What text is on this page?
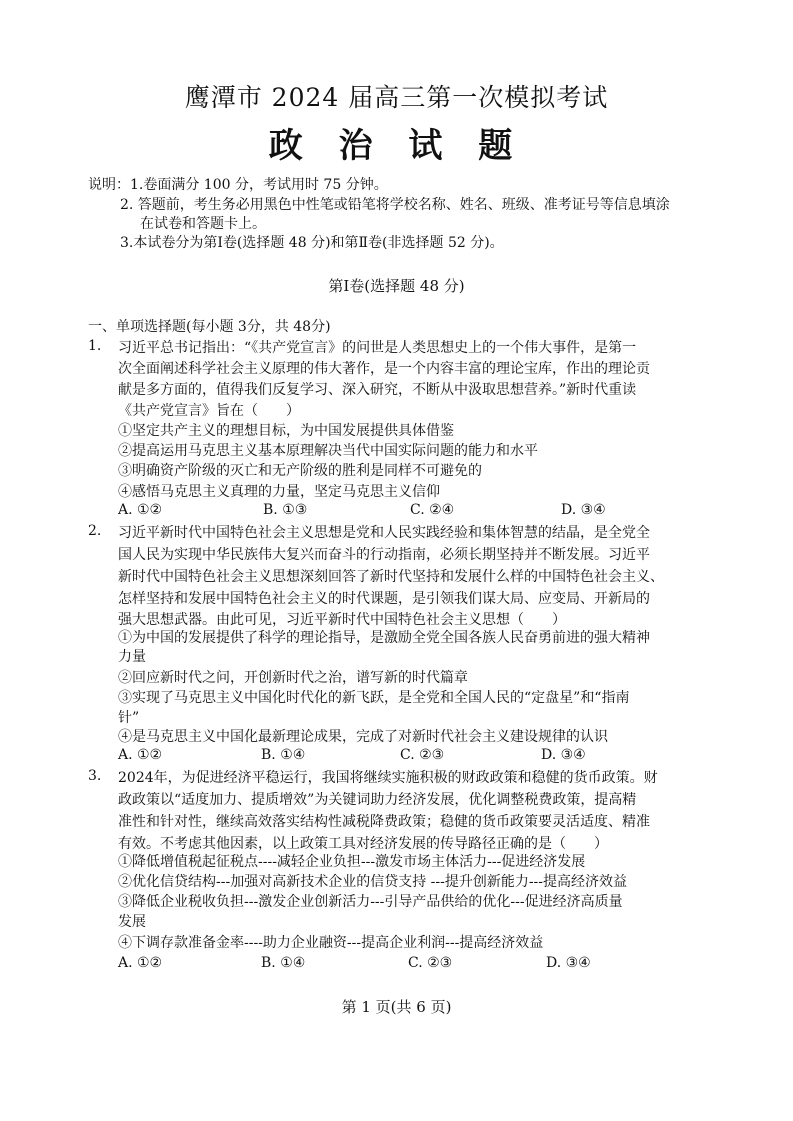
鹰潭市 2024 届高三第一次模拟考试
政 治 试 题
说明：1.卷面满分 100 分，考试用时 75 分钟。
2. 答题前，考生务必用黑色中性笔或铅笔将学校名称、姓名、班级、准考证号等信息填涂
在试卷和答题卡上。
3.本试卷分为第Ⅰ卷(选择题 48 分)和第Ⅱ卷(非选择题 52 分)。
第Ⅰ卷(选择题 48 分)
一、单项选择题(每小题 3分，共 48分)
1. 习近平总书记指出：“《共产党宣言》的问世是人类思想史上的一个伟大事件，是第一
次全面阐述科学社会主义原理的伟大著作，是一个内容丰富的理论宝库，作出的理论贡
献是多方面的，值得我们反复学习、深入研究，不断从中汲取思想营养。”新时代重读
《共产党宣言》旨在（　　）
①坚定共产主义的理想目标，为中国发展提供具体借鉴
②提高运用马克思主义基本原理解决当代中国实际问题的能力和水平
③明确资产阶级的灭亡和无产阶级的胜利是同样不可避免的
④感悟马克思主义真理的力量，坚定马克思主义信仰
A. ①②	B. ①③	C. ②④	D. ③④
2. 习近平新时代中国特色社会主义思想是党和人民实践经验和集体智慧的结晶，是全党全
国人民为实现中华民族伟大复兴而奋斗的行动指南，必须长期坚持并不断发展。习近平
新时代中国特色社会主义思想深刻回答了新时代坚持和发展什么样的中国特色社会主义、
怎样坚持和发展中国特色社会主义的时代课题，是引领我们谋大局、应变局、开新局的
强大思想武器。由此可见，习近平新时代中国特色社会主义思想（　　）
①为中国的发展提供了科学的理论指导，是激励全党全国各族人民奋勇前进的强大精神
力量
②回应新时代之问，开创新时代之治，谱写新的时代篇章
③实现了马克思主义中国化时代化的新飞跃，是全党和全国人民的“定盘星”和“指南
针”
④是马克思主义中国化最新理论成果，完成了对新时代社会主义建设规律的认识
A. ①②	B. ①④	C. ②③	D. ③④
3. 2024年，为促进经济平稳运行，我国将继续实施积极的财政政策和稳健的货币政策。财
政政策以“适度加力、提质增效”为关键词助力经济发展，优化调整税费政策，提高精
准性和针对性，继续高效落实结构性减税降费政策；稳健的货币政策要灵活适度、精准
有效。不考虑其他因素，以上政策工具对经济发展的传导路径正确的是（　　）
①降低增值税起征税点----减轻企业负担---激发市场主体活力---促进经济发展
②优化信贷结构---加强对高新技术企业的信贷支持 ---提升创新能力---提高经济效益
③降低企业税收负担---激发企业创新活力---引导产品供给的优化---促进经济高质量
发展
④下调存款准备金率----助力企业融资---提高企业利润---提高经济效益
A. ①②	B. ①④	C. ②③	D. ③④
第 1 页(共 6 页)
